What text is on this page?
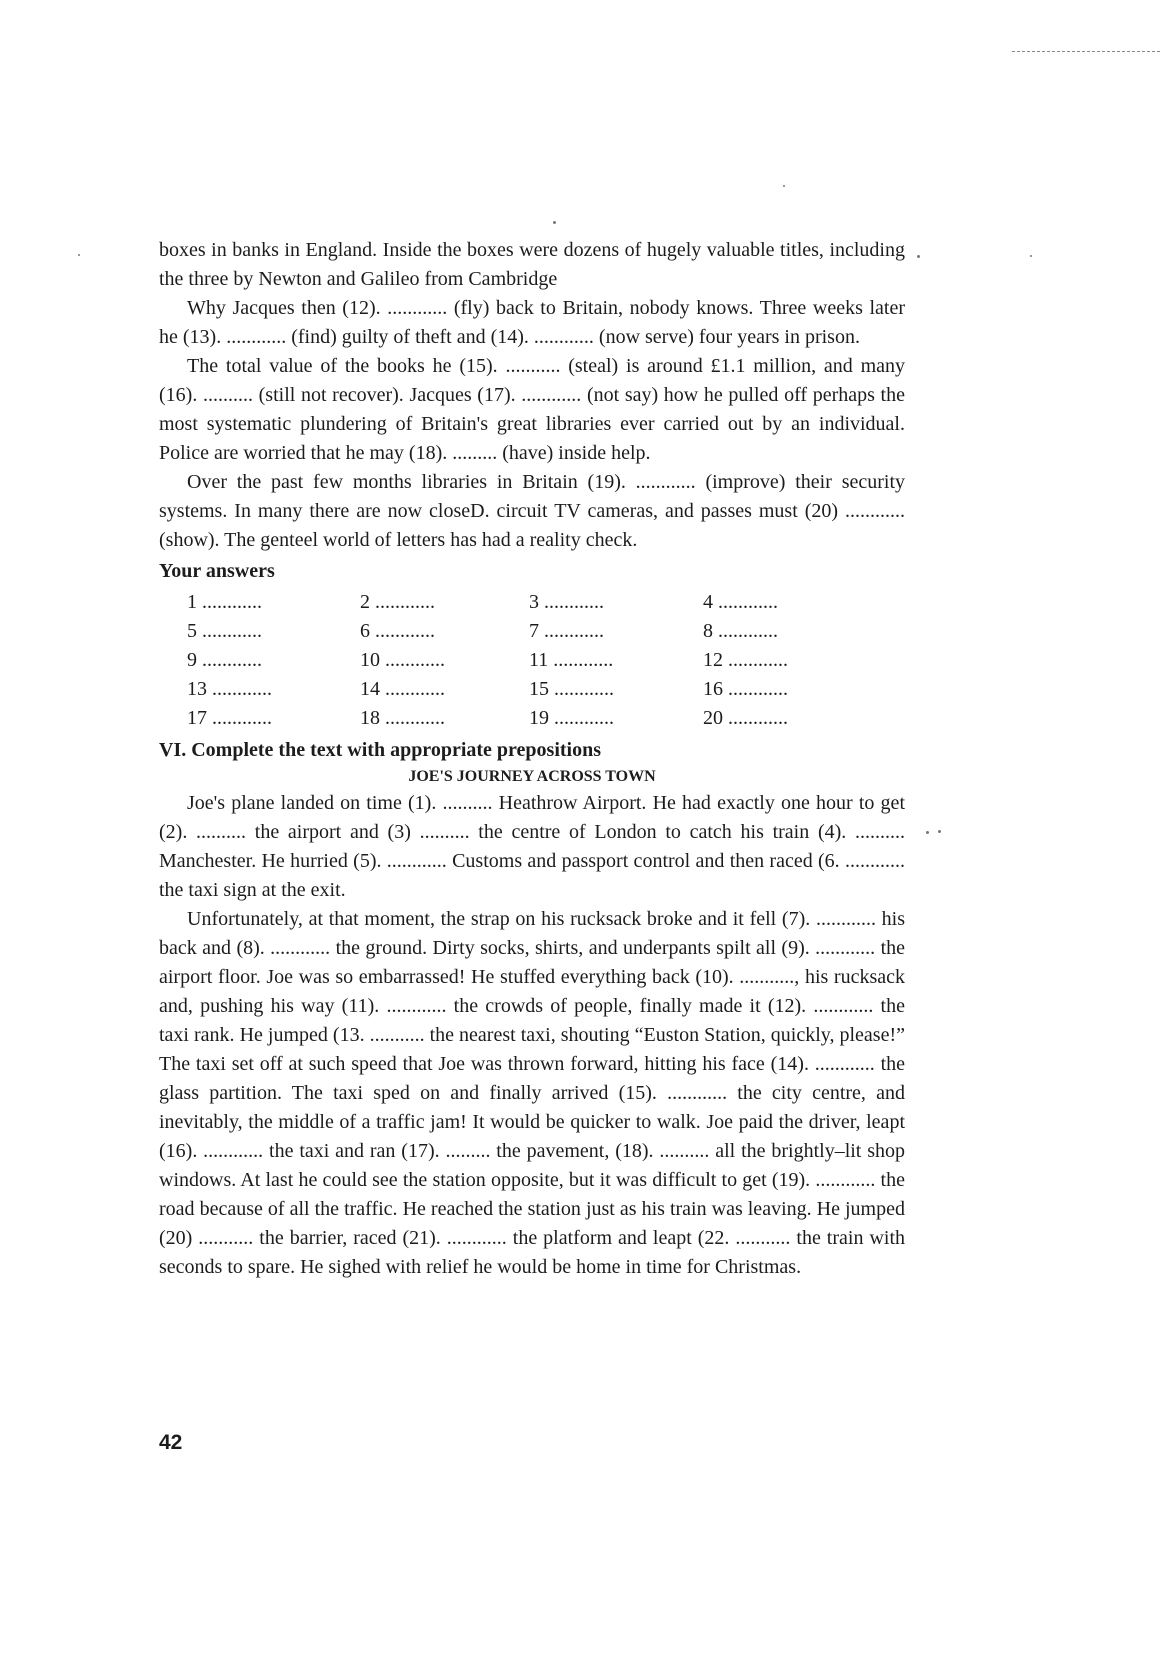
boxes in banks in England. Inside the boxes were dozens of hugely valuable titles, including the three by Newton and Galileo from Cambridge

Why Jacques then (12). ............ (fly) back to Britain, nobody knows. Three weeks later he (13). ............ (find) guilty of theft and (14). ............ (now serve) four years in prison.

The total value of the books he (15). ........... (steal) is around £1.1 million, and many (16). .......... (still not recover). Jacques (17). ............ (not say) how he pulled off perhaps the most systematic plundering of Britain's great libraries ever carried out by an individual. Police are worried that he may (18). ......... (have) inside help.

Over the past few months libraries in Britain (19). ............ (improve) their security systems. In many there are now closeD. circuit TV cameras, and passes must (20) ............ (show). The genteel world of letters has had a reality check.

Your answers

1 ............	2 ............	3 ............	4 ............
5 ............	6 ............	7 ............	8 ............
9 ............	10 ............	11 ............	12 ............
13 ............	14 ............	15 ............	16 ............
17 ............	18 ............	19 ............	20 ............

VI. Complete the text with appropriate prepositions

JOE'S JOURNEY ACROSS TOWN

Joe's plane landed on time (1). .......... Heathrow Airport. He had exactly one hour to get (2). .......... the airport and (3) .......... the centre of London to catch his train (4). .......... Manchester. He hurried (5). ............ Customs and passport control and then raced (6. ............ the taxi sign at the exit.

Unfortunately, at that moment, the strap on his rucksack broke and it fell (7). ............ his back and (8). ............ the ground. Dirty socks, shirts, and underpants spilt all (9). ............ the airport floor. Joe was so embarrassed! He stuffed everything back (10). ..........., his rucksack and, pushing his way (11). ............ the crowds of people, finally made it (12). ............ the taxi rank. He jumped (13. ........... the nearest taxi, shouting “Euston Station, quickly, please!” The taxi set off at such speed that Joe was thrown forward, hitting his face (14). ............ the glass partition. The taxi sped on and finally arrived (15). ............ the city centre, and inevitably, the middle of a traffic jam! It would be quicker to walk. Joe paid the driver, leapt (16). ............ the taxi and ran (17). ......... the pavement, (18). .......... all the brightly–lit shop windows. At last he could see the station opposite, but it was difficult to get (19). ............ the road because of all the traffic. He reached the station just as his train was leaving. He jumped (20) ........... the barrier, raced (21). ............ the platform and leapt (22. ........... the train with seconds to spare. He sighed with relief he would be home in time for Christmas.

42
